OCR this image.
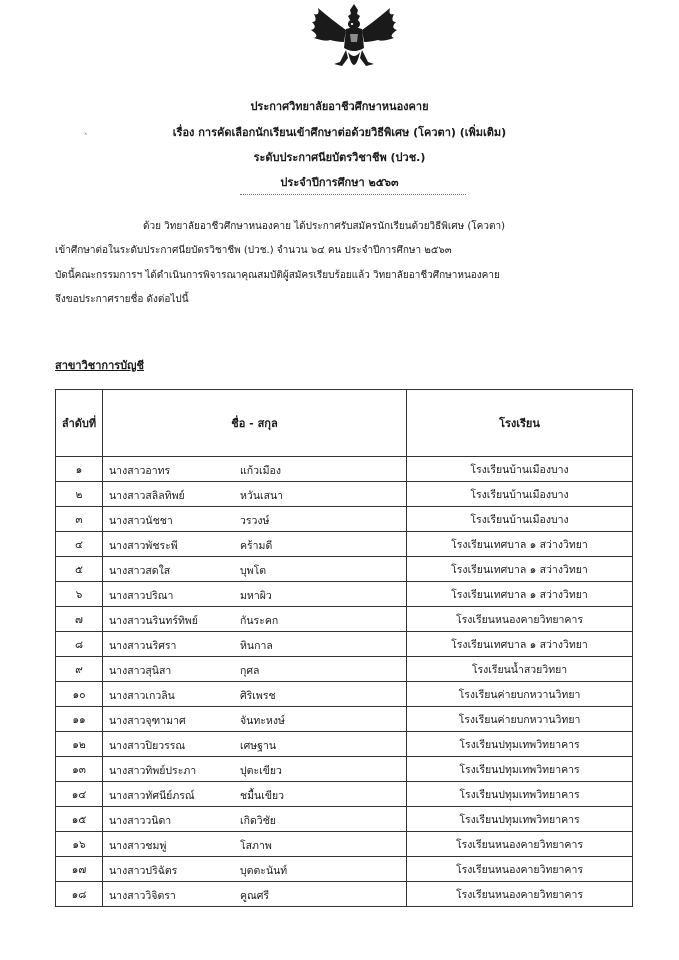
ประกาศวิทยาลัยอาชีวศึกษาหนองคาย
、	เรื่อง การคัดเลือกนักเรียนเข้าศึกษาต่อด้วยวิธีพิเศษ (โควตา) (เพิ่มเติม)
ระดับประกาศนียบัตรวิชาชีพ (ปวช.)
ประจำปีการศึกษา ๒๕๖๓
ด้วย วิทยาลัยอาชีวศึกษาหนองคาย ได้ประกาศรับสมัครนักเรียนด้วยวิธีพิเศษ (โควตา)
เข้าศึกษาต่อในระดับประกาศนียบัตรวิชาชีพ (ปวช.) จำนวน ๖๔ คน ประจำปีการศึกษา ๒๕๖๓
บัดนี้คณะกรรมการฯ ได้ดำเนินการพิจารณาคุณสมบัติผู้สมัครเรียบร้อยแล้ว วิทยาลัยอาชีวศึกษาหนองคาย
จึงขอประกาศรายชื่อ ดังต่อไปนี้
สาขาวิชาการบัญชี
ลำดับที่	ชื่อ - สกุล	โรงเรียน
๑	นางสาวอาทร แก้วเมือง	โรงเรียนบ้านเมืองบาง
๒	นางสาวสลิลทิพย์ หวันเสนา	โรงเรียนบ้านเมืองบาง
๓	นางสาวนัชชา วรวงษ์	โรงเรียนบ้านเมืองบาง
๔	นางสาวพัชระพี คร้ามดี	โรงเรียนเทศบาล ๑ สว่างวิทยา
๕	นางสาวสดใส บุพโต	โรงเรียนเทศบาล ๑ สว่างวิทยา
๖	นางสาวปริณา มหาผิว	โรงเรียนเทศบาล ๑ สว่างวิทยา
๗	นางสาวนรินทร์ทิพย์ กันระคก	โรงเรียนหนองคายวิทยาคาร
๘	นางสาวนริศรา หินกาล	โรงเรียนเทศบาล ๑ สว่างวิทยา
๙	นางสาวสุนิสา กุศล	โรงเรียนน้ำสวยวิทยา
๑๐	นางสาวเกวลิน ศิริเพรช	โรงเรียนค่ายบกหวานวิทยา
๑๑	นางสาวจุฑามาศ จันทะหงษ์	โรงเรียนค่ายบกหวานวิทยา
๑๒	นางสาวปิยวรรณ เศษฐาน	โรงเรียนปทุมเทพวิทยาคาร
๑๓	นางสาวทิพย์ประภา ปุตะเขียว	โรงเรียนปทุมเทพวิทยาคาร
๑๔	นางสาวทัศนีย์ภรณ์ ชมื้นเขียว	โรงเรียนปทุมเทพวิทยาคาร
๑๕	นางสาววนิดา เกิดวิชัย	โรงเรียนปทุมเทพวิทยาคาร
๑๖	นางสาวชมพู่ โสภาพ	โรงเรียนหนองคายวิทยาคาร
๑๗	นางสาวปริฉัตร บุตตะนันท์	โรงเรียนหนองคายวิทยาคาร
๑๘	นางสาววิจิตรา คูณศรี	โรงเรียนหนองคายวิทยาคาร
